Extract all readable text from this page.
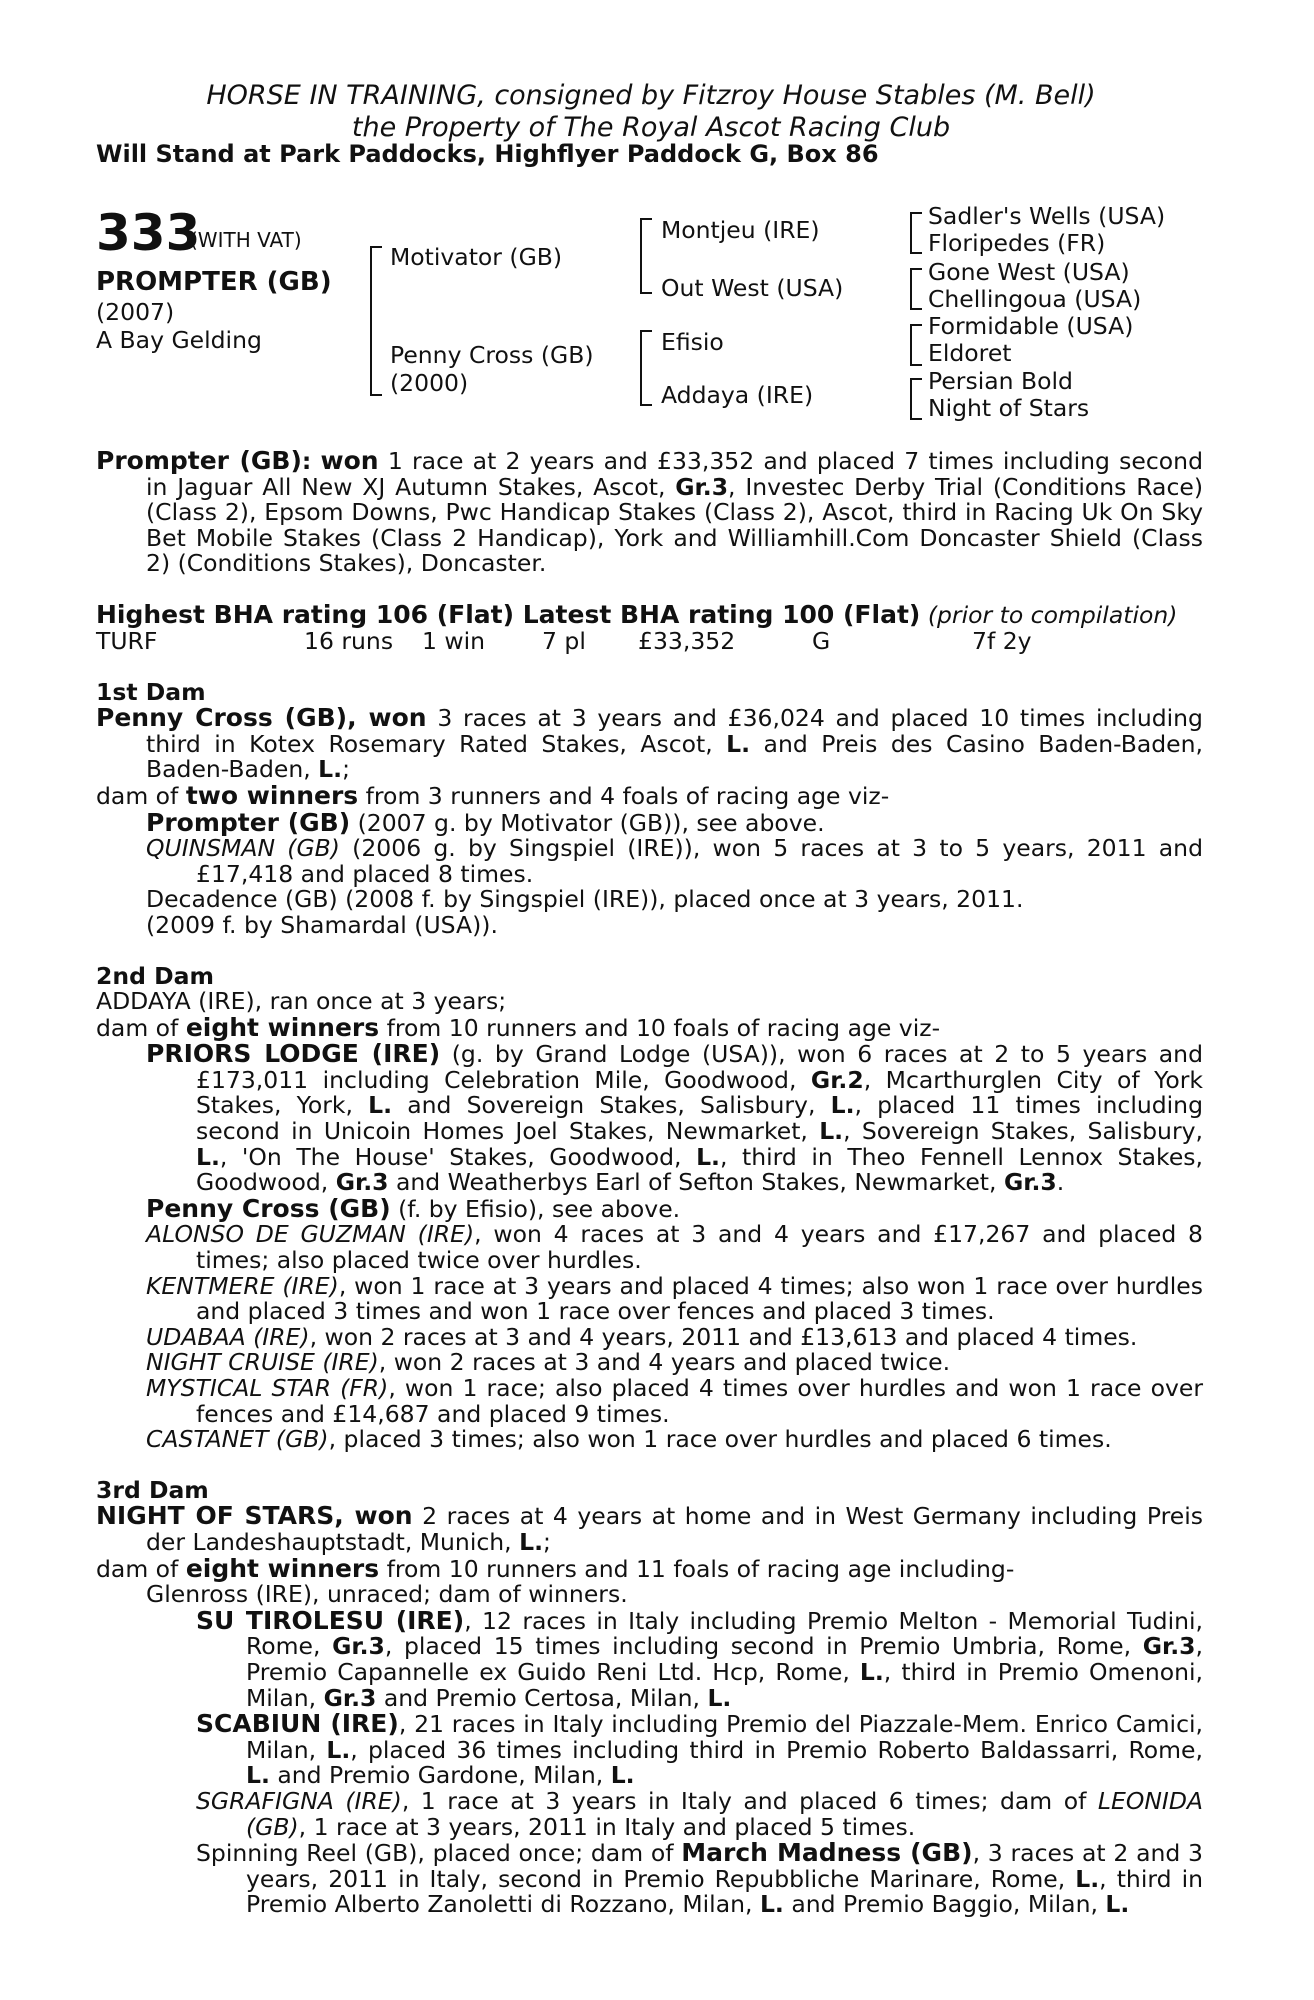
HORSE IN TRAINING, consigned by Fitzroy House Stables (M. Bell)
the Property of The Royal Ascot Racing Club
Will Stand at Park Paddocks, Highflyer Paddock G, Box 86
333
(WITH VAT)
PROMPTER (GB)
(2007)
A Bay Gelding
Motivator (GB)
Penny Cross (GB)
(2000)
Montjeu (IRE)
Out West (USA)
Efisio
Addaya (IRE)
Sadler's Wells (USA)
Floripedes (FR)
Gone West (USA)
Chellingoua (USA)
Formidable (USA)
Eldoret
Persian Bold
Night of Stars

Prompter (GB): won 1 race at 2 years and £33,352 and placed 7 times including second in Jaguar All New XJ Autumn Stakes, Ascot, Gr.3, Investec Derby Trial (Conditions Race) (Class 2), Epsom Downs, Pwc Handicap Stakes (Class 2), Ascot, third in Racing Uk On Sky Bet Mobile Stakes (Class 2 Handicap), York and Williamhill.Com Doncaster Shield (Class 2) (Conditions Stakes), Doncaster.

Highest BHA rating 106 (Flat) Latest BHA rating 100 (Flat) (prior to compilation)

TURF	16 runs 1 win 7 pl £33,352	G	7f 2y

1st Dam

Penny Cross (GB), won 3 races at 3 years and £36,024 and placed 10 times including third in Kotex Rosemary Rated Stakes, Ascot, L. and Preis des Casino Baden-Baden, Baden-Baden, L.;

dam of two winners from 3 runners and 4 foals of racing age viz-

Prompter (GB) (2007 g. by Motivator (GB)), see above.

QUINSMAN (GB) (2006 g. by Singspiel (IRE)), won 5 races at 3 to 5 years, 2011 and £17,418 and placed 8 times.

Decadence (GB) (2008 f. by Singspiel (IRE)), placed once at 3 years, 2011.

(2009 f. by Shamardal (USA)).

2nd Dam

ADDAYA (IRE), ran once at 3 years;

dam of eight winners from 10 runners and 10 foals of racing age viz-

PRIORS LODGE (IRE) (g. by Grand Lodge (USA)), won 6 races at 2 to 5 years and £173,011 including Celebration Mile, Goodwood, Gr.2, Mcarthurglen City of York Stakes, York, L. and Sovereign Stakes, Salisbury, L., placed 11 times including second in Unicoin Homes Joel Stakes, Newmarket, L., Sovereign Stakes, Salisbury, L., 'On The House' Stakes, Goodwood, L., third in Theo Fennell Lennox Stakes, Goodwood, Gr.3 and Weatherbys Earl of Sefton Stakes, Newmarket, Gr.3.

Penny Cross (GB) (f. by Efisio), see above.

ALONSO DE GUZMAN (IRE), won 4 races at 3 and 4 years and £17,267 and placed 8 times; also placed twice over hurdles.

KENTMERE (IRE), won 1 race at 3 years and placed 4 times; also won 1 race over hurdles and placed 3 times and won 1 race over fences and placed 3 times.

UDABAA (IRE), won 2 races at 3 and 4 years, 2011 and £13,613 and placed 4 times.

NIGHT CRUISE (IRE), won 2 races at 3 and 4 years and placed twice.

MYSTICAL STAR (FR), won 1 race; also placed 4 times over hurdles and won 1 race over fences and £14,687 and placed 9 times.

CASTANET (GB), placed 3 times; also won 1 race over hurdles and placed 6 times.

3rd Dam

NIGHT OF STARS, won 2 races at 4 years at home and in West Germany including Preis der Landeshauptstadt, Munich, L.;

dam of eight winners from 10 runners and 11 foals of racing age including-

Glenross (IRE), unraced; dam of winners.

SU TIROLESU (IRE), 12 races in Italy including Premio Melton - Memorial Tudini, Rome, Gr.3, placed 15 times including second in Premio Umbria, Rome, Gr.3, Premio Capannelle ex Guido Reni Ltd. Hcp, Rome, L., third in Premio Omenoni, Milan, Gr.3 and Premio Certosa, Milan, L.

SCABIUN (IRE), 21 races in Italy including Premio del Piazzale-Mem. Enrico Camici, Milan, L., placed 36 times including third in Premio Roberto Baldassarri, Rome, L. and Premio Gardone, Milan, L.

SGRAFIGNA (IRE), 1 race at 3 years in Italy and placed 6 times; dam of LEONIDA (GB), 1 race at 3 years, 2011 in Italy and placed 5 times.

Spinning Reel (GB), placed once; dam of March Madness (GB), 3 races at 2 and 3 years, 2011 in Italy, second in Premio Repubbliche Marinare, Rome, L., third in Premio Alberto Zanoletti di Rozzano, Milan, L. and Premio Baggio, Milan, L.
